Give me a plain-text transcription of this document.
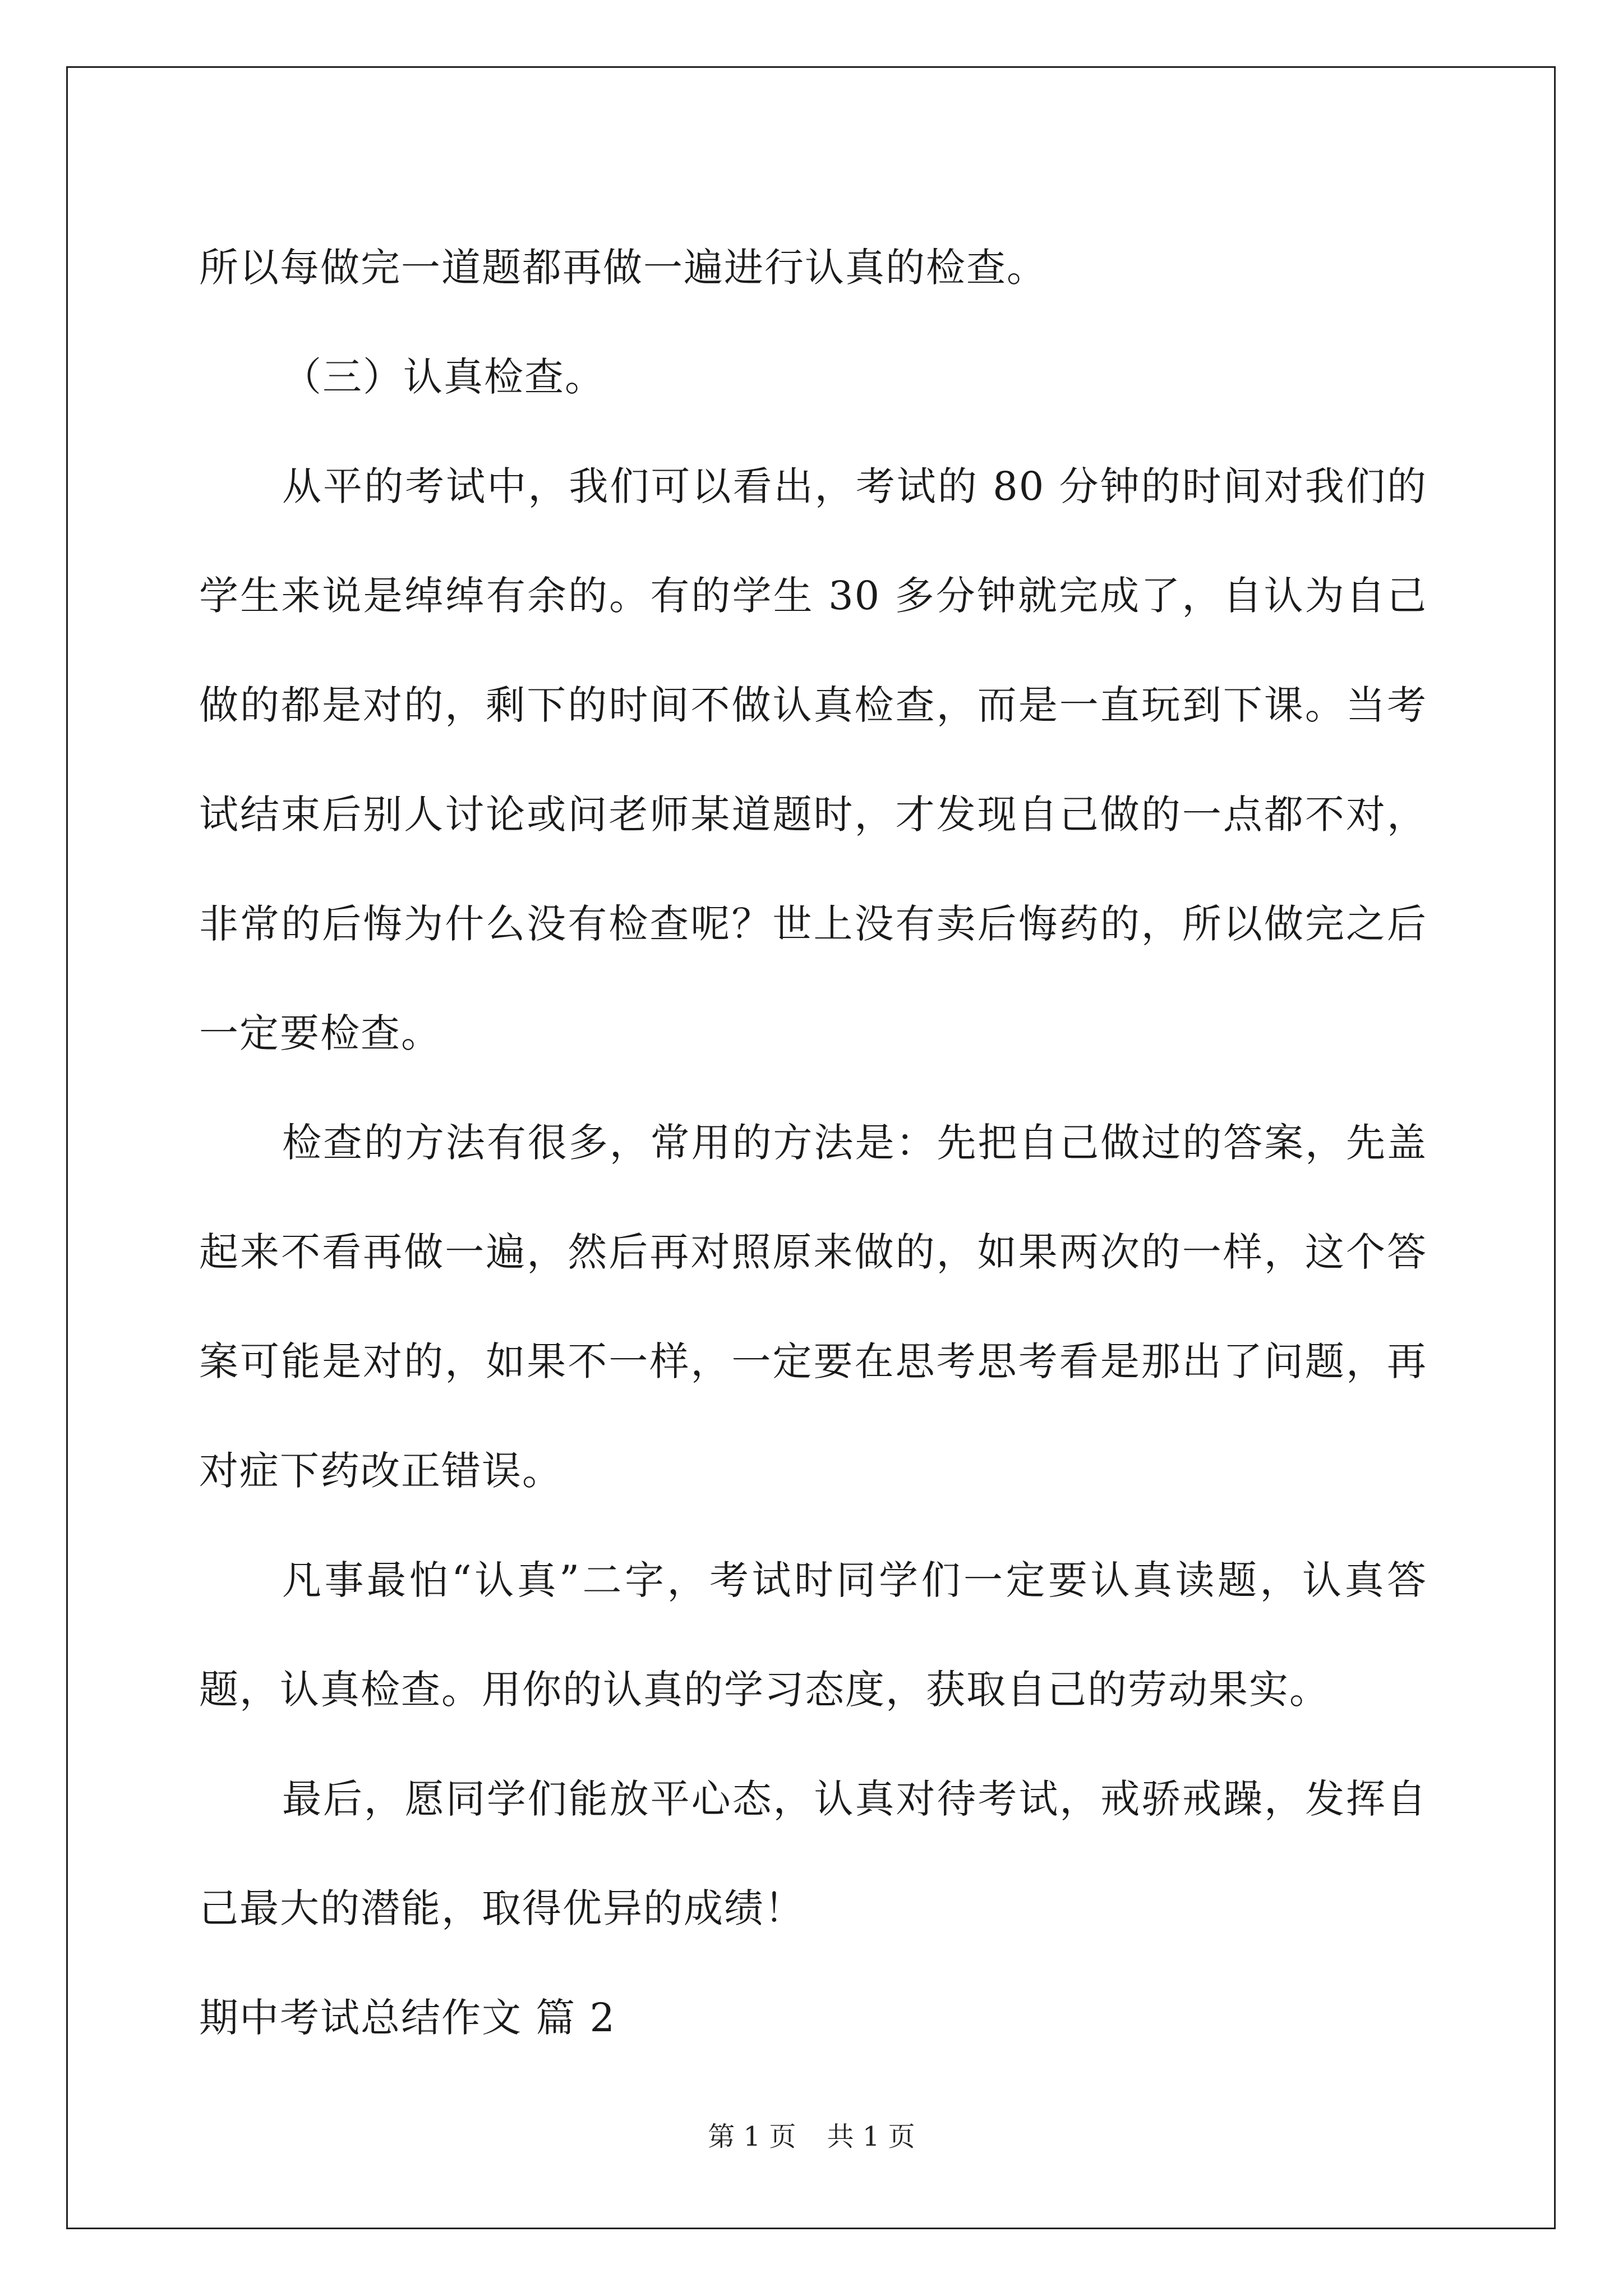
所以每做完一道题都再做一遍进行认真的检查。

（三）认真检查。

从平的考试中，我们可以看出，考试的 80 分钟的时间对我们的学生来说是绰绰有余的。有的学生 30 多分钟就完成了，自认为自己做的都是对的，剩下的时间不做认真检查，而是一直玩到下课。当考试结束后别人讨论或问老师某道题时，才发现自己做的一点都不对，非常的后悔为什么没有检查呢？世上没有卖后悔药的，所以做完之后一定要检查。

检查的方法有很多，常用的方法是：先把自己做过的答案，先盖起来不看再做一遍，然后再对照原来做的，如果两次的一样，这个答案可能是对的，如果不一样，一定要在思考思考看是那出了问题，再对症下药改正错误。

凡事最怕“认真”二字，考试时同学们一定要认真读题，认真答题，认真检查。用你的认真的学习态度，获取自己的劳动果实。

最后，愿同学们能放平心态，认真对待考试，戒骄戒躁，发挥自己最大的潜能，取得优异的成绩！

期中考试总结作文 篇 2

第 1 页 共 1 页
